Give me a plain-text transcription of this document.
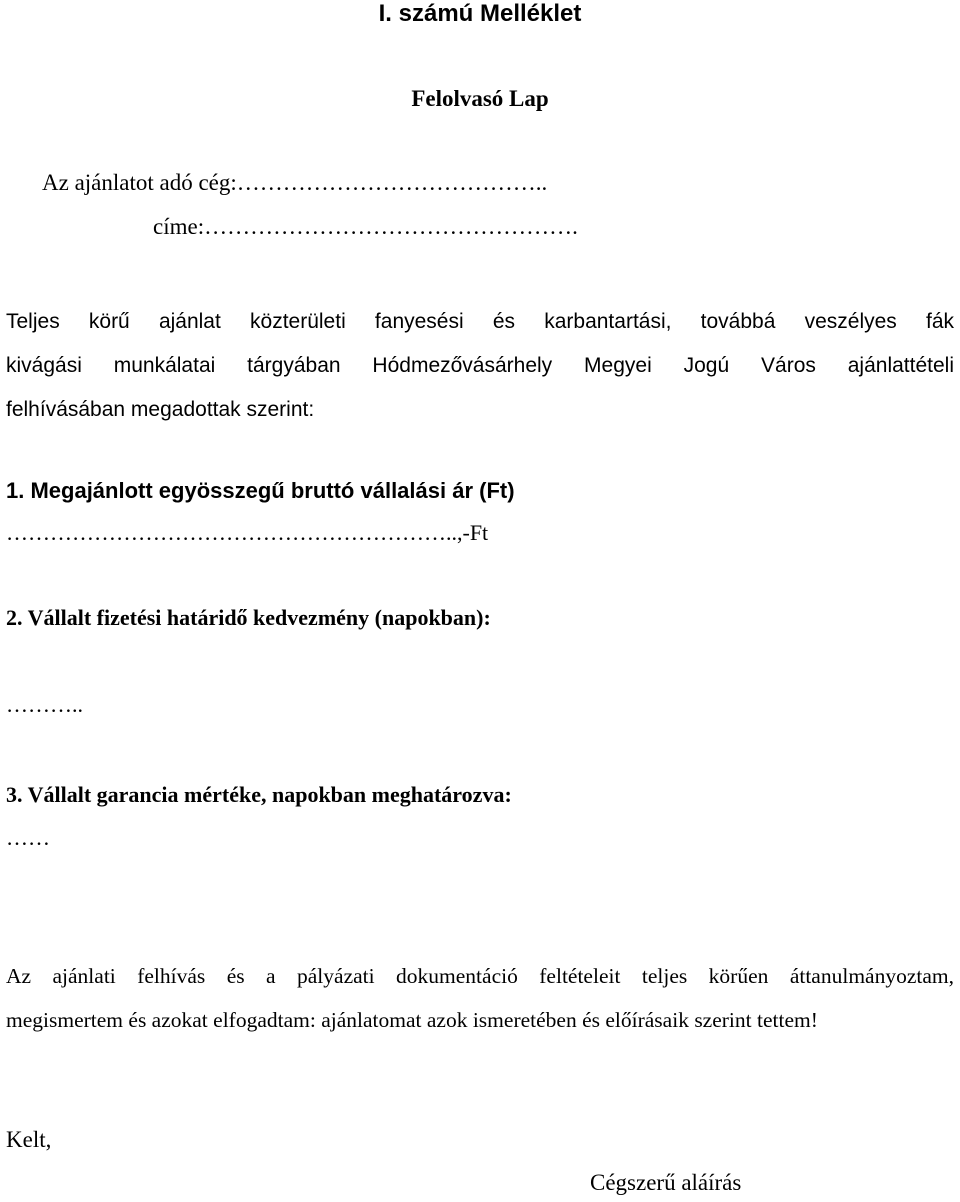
I. számú Melléklet
Felolvasó Lap
Az ajánlatot adó cég:…………………………………..
címe:………………………………………….
Teljes körű ajánlat közterületi fanyesési és karbantartási, továbbá veszélyes fák
kivágási munkálatai tárgyában Hódmezővásárhely Megyei Jogú Város ajánlattételi
felhívásában megadottak szerint:
1. Megajánlott egyösszegű bruttó vállalási ár (Ft)
……………………………………………………..,-Ft
2. Vállalt fizetési határidő kedvezmény (napokban):
………..
3. Vállalt garancia mértéke, napokban meghatározva:
……
Az ajánlati felhívás és a pályázati dokumentáció feltételeit teljes körűen áttanulmányoztam,
megismertem és azokat elfogadtam: ajánlatomat azok ismeretében és előírásaik szerint tettem!
Kelt,
Cégszerű aláírás
